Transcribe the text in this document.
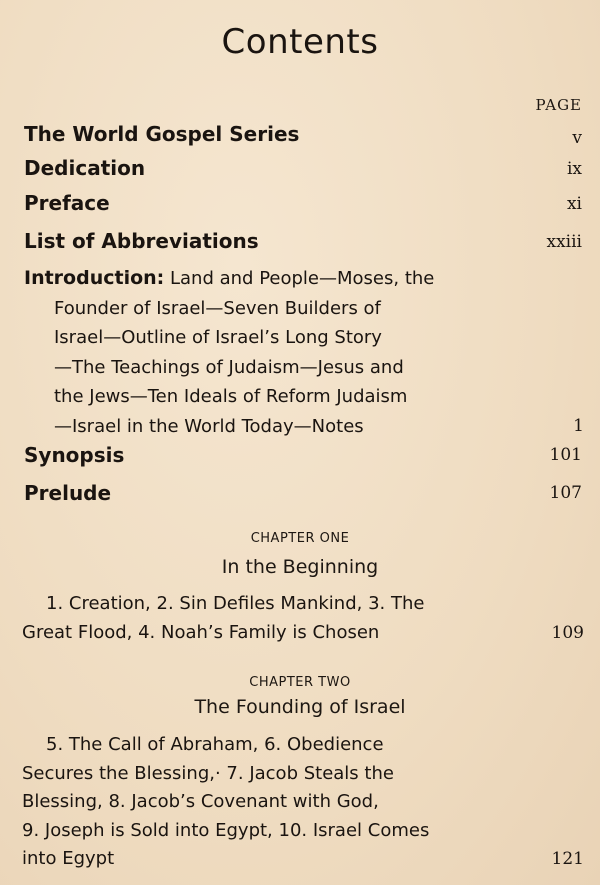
Contents
PAGE
The World Gospel Series	v
Dedication	ix
Preface	xi
List of Abbreviations	xxiii
Introduction: Land and People—Moses, the
Founder of Israel—Seven Builders of
Israel—Outline of Israel’s Long Story
—The Teachings of Judaism—Jesus and
the Jews—Ten Ideals of Reform Judaism
—Israel in the World Today—Notes	1
Synopsis	101
Prelude	107
CHAPTER ONE
In the Beginning
1. Creation, 2. Sin Defiles Mankind, 3. The
Great Flood, 4. Noah’s Family is Chosen	109
CHAPTER TWO
The Founding of Israel
5. The Call of Abraham, 6. Obedience
Secures the Blessing,· 7. Jacob Steals the
Blessing, 8. Jacob’s Covenant with God,
9. Joseph is Sold into Egypt, 10. Israel Comes
into Egypt	121
